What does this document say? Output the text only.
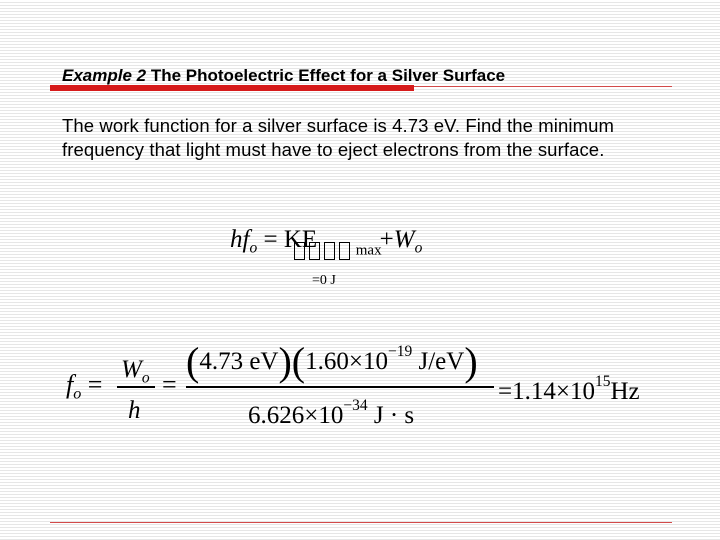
Example 2 The Photoelectric Effect for a Silver Surface
The work function for a silver surface is 4.73 eV. Find the minimum frequency that light must have to eject electrons from the surface.
$hf_o$ = KE	$+W_o$
max
=0 J
$f_o$ =
$W_o$
h
=
(4.73 $eV)(1.60\times 10^{-19}$ J/eV)
$6.626\times 10^{-34}$ J · s
$=1.14\times 10^{15}Hz$
